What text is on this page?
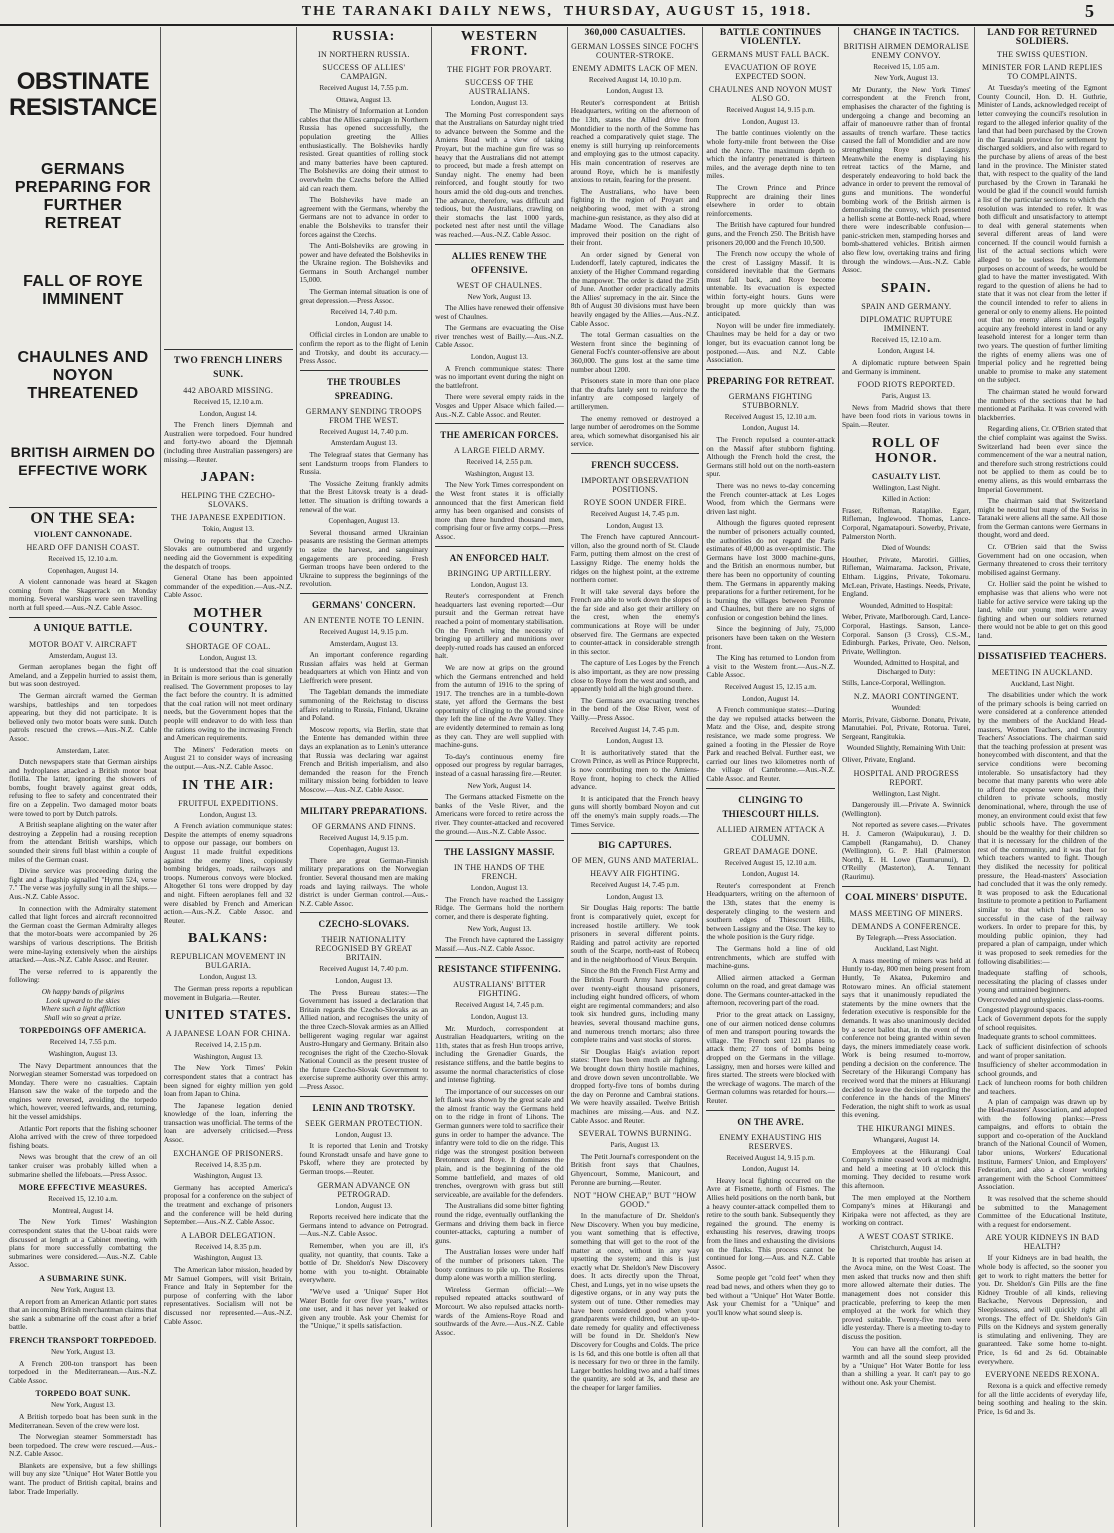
THE TARANAKI DAILY NEWS,
THURSDAY, AUGUST 15, 1918.	5
OBSTINATE RESISTANCE
GERMANS PREPARING FOR FURTHER RETREAT
FALL OF ROYE IMMINENT
CHAULNES AND NOYON THREATENED
BRITISH AIRMEN DO EFFECTIVE WORK
ON THE SEA:
VIOLENT CANNONADE.
HEARD OFF DANISH COAST.
Received 15, 12.10 a.m.
Copenhagen, August 14.

A violent cannonade was heard at Skagen coming from the Skagerrack on Monday morning. Several warships were seen travelling north at full speed.—Aus.-N.Z. Cable Assoc.

A UNIQUE BATTLE.
MOTOR BOAT V. AIRCRAFT
Amsterdam, August 13.

German aeroplanes began the fight off Ameland, and a Zeppelin hurried to assist them, but was soon destroyed.

The German aircraft warned the German warships, battleships and ten torpedoes appearing, but they did not participate. It is believed only two motor boats were sunk. Dutch patrols rescued the crews.—Aus.-N.Z. Cable Assoc.

Amsterdam, Later.

Dutch newspapers state that German airships and hydroplanes attacked a British motor boat flotilla. The latter, ignoring the showers of bombs, fought bravely against great odds, refusing to flee to safety and concentrated their fire on a Zeppelin. Two damaged motor boats were towed to port by Dutch patrols.

A British seaplane alighting on the water after destroying a Zeppelin had a rousing reception from the attendant British warships, which sounded their sirens full blast within a couple of miles of the German coast.

Divine service was proceeding during the fight and a flagship signalled "Hymn 524, verse 7." The verse was joyfully sung in all the ships.—Aus.-N.Z. Cable Assoc.

In connection with the Admiralty statement called that light forces and aircraft reconnoitred the German coast the German Admiralty alleges that the motor-boats were accompanied by 26 warships of various descriptions. The British were mine-laying extensively when the airships attacked.—Aus.-N.Z. Cable Assoc. and Reuter.

The verse referred to is apparently the following:

Oh happy bands of pilgrims
Look upward to the skies
Where such a light affliction
Shall win so great a prize.
TORPEDOINGS OFF AMERICA.
Received 14, 7.55 p.m.
Washington, August 13.

The Navy Department announces that the Norwegian steamer Somerstad was torpedoed on Monday. There were no casualties. Captain Hanson saw the wake of the torpedo and the engines were reversed, avoiding the torpedo which, however, veered leftwards, and, returning, hit the vessel amidships.

Atlantic Port reports that the fishing schooner Aloha arrived with the crew of three torpedoed fishing boats.

News was brought that the crew of an oil tanker cruiser was probably killed when a submarine shelled the lifeboats.—Press Assoc.

MORE EFFECTIVE MEASURES.
Received 15, 12.10 a.m.
Montreal, August 14.

The New York Times' Washington correspondent states that the U-boat raids were discussed at length at a Cabinet meeting, with plans for more successfully combatting the submarines were considered.—Aus.-N.Z. Cable Assoc.

A SUBMARINE SUNK.
New York, August 13.

A report from an American Atlantic port states that an incoming British merchantman claims that she sank a submarine off the coast after a brief battle.

FRENCH TRANSPORT TORPEDOED.
New York, August 13.

A French 200-ton transport has been torpedoed in the Mediterranean.—Aus.-N.Z. Cable Assoc.

TORPEDO BOAT SUNK.
New York, August 13.

A British torpedo boat has been sunk in the Mediterranean. Seven of the crew were lost.

The Norwegian steamer Sommerstadt has been torpedoed. The crew were rescued.—Aus.-N.Z. Cable Assoc.

Blankets are expensive, but a few shillings will buy any size "Unique" Hot Water Bottle you want. The product of British capital, brains and labor. Trade Imperially.

TWO FRENCH LINERS SUNK.
442 ABOARD MISSING.
Received 15, 12.10 a.m.
London, August 14.

The French liners Djemnah and Australien were torpedoed. Four hundred and forty-two aboard the Djemnah (including three Australian passengers) are missing.—Reuter.

JAPAN:
HELPING THE CZECHO-SLOVAKS.
THE JAPANESE EXPEDITION.
Tokio, August 13.

Owing to reports that the Czecho-Slovaks are outnumbered and urgently needing aid the Government is expediting the despatch of troops.

General Otane has been appointed commander of the expedition.—Aus.-N.Z. Cable Assoc.

MOTHER COUNTRY.
SHORTAGE OF COAL.
London, August 13.

It is understood that the coal situation in Britain is more serious than is generally realised. The Government proposes to lay the fact before the country. It is admitted that the coal ration will not meet ordinary needs, but the Government hopes that the people will endeavor to do with less than the rations owing to the increasing French and American requirements.

The Miners' Federation meets on August 21 to consider ways of increasing the output.—Aus.-N.Z. Cable Assoc.

IN THE AIR:
FRUITFUL EXPEDITIONS.
London, August 13.

A French aviation communique states: Despite the attempts of enemy squadrons to oppose our passage, our bombers on August 11 made fruitful expeditions against the enemy lines, copiously bombing bridges, roads, railways and troops. Numerous convoys were blocked. Altogether 61 tons were dropped by day and night. Fifteen aeroplanes fell and 32 were disabled by French and American action.—Aus.-N.Z. Cable Assoc. and Reuter.

BALKANS:
REPUBLICAN MOVEMENT IN BULGARIA.
London, August 13.

The German press reports a republican movement in Bulgaria.—Reuter.

UNITED STATES.
A JAPANESE LOAN FOR CHINA.
Received 14, 2.15 p.m.
Washington, August 13.

The New York Times' Pekin correspondent states that a contract has been signed for eighty million yen gold loan from Japan to China.

The Japanese legation denied knowledge of the loan, inferring the transaction was unofficial. The terms of the loan are adversely criticised.—Press Assoc.

EXCHANGE OF PRISONERS.
Received 14, 8.35 p.m.
Washington, August 13.

Germany has accepted America's proposal for a conference on the subject of the treatment and exchange of prisoners and the conference will be held during September.—Aus.-N.Z. Cable Assoc.

A LABOR DELEGATION.
Received 14, 8.35 p.m.
Washington, August 13.

The American labor mission, headed by Mr Samuel Gompers, will visit Britain, France and Italy in September for the purpose of conferring with the labor representatives. Socialism will not be discussed nor represented.—Aus.-N.Z. Cable Assoc.

RUSSIA:
IN NORTHERN RUSSIA.
SUCCESS OF ALLIES' CAMPAIGN.
Received August 14, 7.55 p.m.
Ottawa, August 13.

The Ministry of Information at London cables that the Allies campaign in Northern Russia has opened successfully, the population greeting the Allies enthusiastically. The Bolsheviks hardly resisted. Great quantities of rolling stock and many batteries have been captured. The Bolsheviks are doing their utmost to overwhelm the Czechs before the Allied aid can reach them.

The Bolsheviks have made an agreement with the Germans, whereby the Germans are not to advance in order to enable the Bolsheviks to transfer their forces against the Czechs.

The Anti-Bolsheviks are growing in power and have defeated the Bolsheviks in the Ukraine region. The Bolsheviks and Germans in South Archangel number 15,000.

The German internal situation is one of great depression.—Press Assoc.

Received 14, 7.40 p.m.
London, August 14.

Official circles in London are unable to confirm the report as to the flight of Lenin and Trotsky, and doubt its accuracy.—Press Assoc.

THE TROUBLES SPREADING.
GERMANY SENDING TROOPS FROM THE WEST.
Received August 14, 7.40 p.m.
Amsterdam August 13.

The Telegraaf states that Germany has sent Landsturm troops from Flanders to Russia.

The Vossiche Zeitung frankly admits that the Brest Litovsk treaty is a dead-letter. The situation is drifting towards a renewal of the war.

Copenhagen, August 13.

Several thousand armed Ukrainian peasants are resisting the German attempts to seize the harvest, and sanguinary engagements are proceeding. Fresh German troops have been ordered to the Ukraine to suppress the beginnings of the revolution.

GERMANS' CONCERN.
AN ENTENTE NOTE TO LENIN.
Received August 14, 9.15 p.m.
Amsterdam, August 13.

An important conference regarding Russian affairs was held at German headquarters at which von Hintz and von Lieffrerich were present.

The Tageblatt demands the immediate summoning of the Reichstag to discuss affairs relating to Russia, Finland, Ukraine and Poland.

Moscow reports, via Berlin, state that the Entente has demanded within three days an explanation as to Lenin's utterance that Russia was declaring war against French and British imperialism, and also demanded the reason for the French military mission being forbidden to leave Moscow.—Aus.-N.Z. Cable Assoc.

MILITARY PREPARATIONS.
OF GERMANS AND FINNS.
Received August 14, 9.15 p.m.
Copenhagen, August 13.

There are great German-Finnish military preparations on the Norwegian frontier. Several thousand men are making roads and laying railways. The whole district is under German control.—Aus.-N.Z. Cable Assoc.

CZECHO-SLOVAKS.
THEIR NATIONALITY RECOGNISED BY GREAT BRITAIN.
Received August 14, 7.40 p.m.
London, August 13.

The Press Bureau states:—The Government has issued a declaration that Britain regards the Czecho-Slovaks as an Allied nation, and recognises the unity of the three Czech-Slovak armies as an Allied belligerent waging regular war against Austro-Hungary and Germany. Britain also recognises the right of the Czecho-Slovak National Council as the present trustee of the future Czecho-Slovak Government to exercise supreme authority over this army.—Press Assoc.

LENIN AND TROTSKY.
SEEK GERMAN PROTECTION.
London, August 13.

It is reported that Lenin and Trotsky found Kronstadt unsafe and have gone to Pskoff, where they are protected by German troops.—Reuter.

GERMAN ADVANCE ON PETROGRAD.
London, August 13.

Reports received here indicate that the Germans intend to advance on Petrograd.—Aus.-N.Z. Cable Assoc.

Remember, when you are ill, it's quality, not quantity, that counts. Take a bottle of Dr. Sheldon's New Discovery home with you to-night. Obtainable everywhere.

"We've used a 'Unique' Super Hot Water Bottle for over five years," writes one user, and it has never yet leaked or given any trouble. Ask your Chemist for the "Unique," it spells satisfaction.

WESTERN FRONT.
THE FIGHT FOR PROYART.
SUCCESS OF THE AUSTRALIANS.
London, August 13.

The Morning Post correspondent says that the Australians on Saturday night tried to advance between the Somme and the Amiens Road with a view of taking Proyart, but the machine gun fire was so heavy that the Australians did not attempt to proceed, but made a fresh attempt on Sunday night. The enemy had been reinforced, and fought stoutly for two hours amid the old dug-outs and trenches. The advance, therefore, was difficult and tedious, but the Australians, crawling on their stomachs the last 1000 yards, pocketed nest after nest until the village was reached.—Aus.-N.Z. Cable Assoc.

ALLIES RENEW THE OFFENSIVE.
WEST OF CHAULNES.
New York, August 13.

The Allies have renewed their offensive west of Chaulnes.

The Germans are evacuating the Oise river trenches west of Bailly.—Aus.-N.Z. Cable Assoc.

London, August 13.

A French communique states: There was no important event during the night on the battlefront.

There were several empty raids in the Vosges and Upper Alsace which failed.—Aus.-N.Z. Cable Assoc. and Reuter.

THE AMERICAN FORCES.
A LARGE FIELD ARMY.
Received 14, 2.55 p.m.
Washington, August 13.

The New York Times correspondent on the West front states it is officially announced that the first American field army has been organised and consists of more than three hundred thousand men, comprising four or five army corps.—Press Assoc.

AN ENFORCED HALT.
BRINGING UP ARTILLERY.
London, August 13.

Reuter's correspondent at French headquarters last evening reported:—Our pursuit and the German retreat have reached a point of momentary stabilisation. On the French wing the necessity of bringing up artillery and munitions over deeply-rutted roads has caused an enforced halt.

We are now at grips on the ground which the Germans entrenched and held from the autumn of 1916 to the spring of 1917. The trenches are in a tumble-down state, yet afford the Germans the best opportunity of clinging to the ground since they left the line of the Avre Valley. They are evidently determined to remain as long as they can. They are well supplied with machine-guns.

To-day's continuous enemy fire opposed our progress by regular barrages, instead of a casual harassing fire.—Reuter.

New York, August 14.

The Germans attacked Fismette on the banks of the Vesle River, and the Americans were forced to retire across the river. They counter-attacked and recovered the ground.—Aus.-N.Z. Cable Assoc.

THE LASSIGNY MASSIF.
IN THE HANDS OF THE FRENCH.
London, August 13.

The French have reached the Lassigny Ridge. The Germans hold the northern corner, and there is desperate fighting.

New York, August 13.

The French have captured the Lassigny Massif.—Aus.-N.Z. Cable Assoc.

RESISTANCE STIFFENING.
AUSTRALIANS' BITTER FIGHTING.
Received August 14, 7.45 p.m.
London, August 13.

Mr. Murdoch, correspondent at Australian Headquarters, writing on the 11th, states that as fresh Hun troops arrive, including the Grenadier Guards, the resistance stiffens, and the battle begins to assume the normal characteristics of close and intense fighting.

The importance of our successes on our left flank was shown by the great scale and the almost frantic way the Germans held on to the ridge in front of Lihons. The German gunners were told to sacrifice their guns in order to hamper the advance. The infantry were told to die on the ridge. This ridge was the strongest position between Bretonneux and Roye. It dominates the plain, and is the beginning of the old Somme battlefield, and mazes of old trenches, overgrown with grass but still serviceable, are available for the defenders.

The Australians did some bitter fighting round the ridge, eventually outflanking the Germans and driving them back in fierce counter-attacks, capturing a number of guns.

The Australian losses were under half of the number of prisoners taken. The booty continues to pile up. The Rosieres dump alone was worth a million sterling.

Wireless German official:—We repulsed repeated attacks southward of Morcourt. We also repulsed attacks north-wards of the Amiens-Roye Road and southwards of the Avre.—Aus.-N.Z. Cable Assoc.

360,000 CASUALTIES.
GERMAN LOSSES SINCE FOCH'S COUNTER-STROKE.
ENEMY ADMITS LACK OF MEN.
Received August 14, 10.10 p.m.
London, August 13.

Reuter's correspondent at British Headquarters, writing on the afternoon of the 13th, states the Allied drive from Montdidier to the north of the Somme has reached a comparatively quiet stage. The enemy is still hurrying up reinforcements and employing gas to the utmost capacity. His main concentration of reserves are around Roye, which he is manifestly anxious to retain, fearing for the present.

The Australians, who have been fighting in the region of Proyart and neighboring wood, met with a strong machine-gun resistance, as they also did at Madame Wood. The Canadians also improved their position on the right of their front.

An order signed by General von Ludendorff, lately captured, indicates the anxiety of the Higher Command regarding the manpower. The order is dated the 25th of June. Another order practically admits the Allies' supremacy in the air. Since the 8th of August 30 divisions must have been heavily engaged by the Allies.—Aus.-N.Z. Cable Assoc.

The total German casualties on the Western front since the beginning of General Foch's counter-offensive are about 360,000. The guns lost at the same time number about 1200.

Prisoners state in more than one place that the drafts lately sent to reinforce the infantry are composed largely of artillerymen.

The enemy removed or destroyed a large number of aerodromes on the Somme area, which somewhat disorganised his air service.

FRENCH SUCCESS.
IMPORTANT OBSERVATION POSITIONS.
ROYE SOON UNDER FIRE.
Received August 14, 7.45 p.m.
London, August 13.

The French have captured Anncourt-villon, also the ground north of St. Claude Farm, putting them almost on the crest of Lassigny Ridge. The enemy holds the ridges on the highest point, at the extreme northern corner.

It will take several days before the French are able to work down the slopes of the far side and also get their artillery on the crest, when the enemy's communications at Roye will be under observed fire. The Germans are expected to counter-attack in considerable strength in this sector.

The capture of Les Loges by the French is also important, as they are now pressing close to Roye from the west and south, and apparently hold all the high ground there.

The Germans are evacuating trenches in the bend of the Oise River, west of Vailly.—Press Assoc.

Received August 14, 7.45 p.m.
London, August 13.

It is authoritatively stated that the Crown Prince, as well as Prince Rupprecht, is now contributing men to the Amiens-Roye front, hoping to check the Allied advance.

It is anticipated that the French heavy guns will shortly bombard Noyon and cut off the enemy's main supply roads.—The Times Service.

BIG CAPTURES.
OF MEN, GUNS AND MATERIAL.
HEAVY AIR FIGHTING.
Received August 14, 7.45 p.m.
London, August 13.

Sir Douglas Haig reports: The battle front is comparatively quiet, except for increased hostile artillery. We took prisoners in several different points. Raiding and patrol activity are reported south of the Scarpe, north-east of Robecq and in the neighborhood of Vieux Berquin.

Since the 8th the French First Army and the British Fourth Army have captured over twenty-eight thousand prisoners, including eight hundred officers, of whom eight are regimental commanders; and also took six hundred guns, including many heavies, several thousand machine guns, and numerous trench mortars; also three complete trains and vast stocks of stores.

Sir Douglas Haig's aviation report states: There has been much air fighting. We brought down thirty hostile machines, and drove down seven uncontrollable. We dropped forty-five tons of bombs during the day on Peronne and Cambrai stations. We were heavily assailed. Twelve British machines are missing.—Aus. and N.Z. Cable Assoc. and Reuter.

SEVERAL TOWNS BURNING.
Paris, August 13.

The Petit Journal's correspondent on the British front says that Chaulnes, Ghyencourt, Somme, Manicourt, and Peronne are burning.—Reuter.

NOT "HOW CHEAP," BUT "HOW GOOD."

In the manufacture of Dr. Sheldon's New Discovery. When you buy medicine, you want something that is effective, something that will get to the root of the matter at once, without in any way upsetting the system; and this is just exactly what Dr. Sheldon's New Discovery does. It acts directly upon the Throat, Chest, and Lungs, yet in no wise upsets the digestive organs, or in any way puts the system out of tune. Other remedies may have been considered good when your grandparents were children, but an up-to-date remedy for quality and effectiveness will be found in Dr. Sheldon's New Discovery for Coughs and Colds. The price is 1s 6d, and this one bottle is often all that is necessary for two or three in the family. Larger bottles holding two and a half times the quantity, are sold at 3s, and these are the cheaper for larger families.

BATTLE CONTINUES VIOLENTLY.
GERMANS MUST FALL BACK.
EVACUATION OF ROYE EXPECTED SOON.
CHAULNES AND NOYON MUST ALSO GO.
Received August 14, 9.15 p.m.
London, August 13.

The battle continues violently on the whole forty-mile front between the Oise and the Ancre. The maximum depth to which the infantry penetrated is thirteen miles, and the average depth nine to ten miles.

The Crown Prince and Prince Rupprecht are draining their lines elsewhere in order to obtain reinforcements.

The British have captured four hundred guns, and the French 250. The British have prisoners 20,000 and the French 10,500.

The French now occupy the whole of the crest of Lassigny Massif. It is considered inevitable that the Germans must fall back, and Roye become untenable. Its evacuation is expected within forty-eight hours. Guns were brought up more quickly than was anticipated.

Noyon will be under fire immediately. Chaulnes may be held for a day or two longer, but its evacuation cannot long be postponed.—Aus. and N.Z. Cable Association.

PREPARING FOR RETREAT.
GERMANS FIGHTING STUBBORNLY.
Received August 15, 12.10 a.m.
London, August 14.

The French repulsed a counter-attack on the Massif after stubborn fighting. Although the French hold the crest, the Germans still hold out on the north-eastern spur.

There was no news to-day concerning the French counter-attack at Les Loges Wood, from which the Germans were driven last night.

Although the figures quoted represent the number of prisoners actually counted, the authorities do not regard the Paris estimates of 40,000 as over-optimistic. The Germans have lost 3000 machine-guns, and the British an enormous number, but there has been no opportunity of counting them. The Germans in apparently making preparations for a further retirement, for he is burning the villages between Peronne and Chaulnes, but there are no signs of confusion or congestion behind the lines.

Since the beginning of July, 75,000 prisoners have been taken on the Western front.

The King has returned to London from a visit to the Western front.—Aus.-N.Z. Cable Assoc.

Received August 15, 12.15 a.m.
London, August 14.

A French communique states:—During the day we repulsed attacks between the Matz and the Oise, and, despite strong resistance, we made some progress. We gained a footing in the Plessier de Roye Park and reached Belval. Further east, we carried our lines two kilometres north of the village of Cambronne.—Aus.-N.Z. Cable Assoc. and Reuter.

CLINGING TO THIESCOURT HILLS.
ALLIED AIRMEN ATTACK A COLUMN.
GREAT DAMAGE DONE.
Received August 15, 12.10 a.m.
London, August 14.

Reuter's correspondent at French Headquarters, writing on the afternoon of the 13th, states that the enemy is desperately clinging to the western and southern edges of Thiescourt Hills, between Lassigny and the Oise. The key to the whole position is the Gury ridge.

The Germans hold a line of old entrenchments, which are stuffed with machine-guns.

Allied airmen attacked a German column on the road, and great damage was done. The Germans counter-attacked in the afternoon, recovering part of the road.

Prior to the great attack on Lassigny, one of our airmen noticed dense columns of men and transport pouring towards the village. The French sent 121 planes to attack them; 27 tons of bombs being dropped on the Germans in the village. Lassigny, men and horses were killed and fires started. The streets were blocked with the wreckage of wagons. The march of the German columns was retarded for hours.—Reuter.

ON THE AVRE.
ENEMY EXHAUSTING HIS RESERVES.
Received August 14, 9.15 p.m.
London, August 14.

Heavy local fighting occurred on the Avre at Fismette, north of Fismes. The Allies held positions on the north bank, but a heavy counter-attack compelled them to retire to the south bank. Subsequently they regained the ground. The enemy is exhausting his reserves, drawing troops from the lines and exhausting the divisions on the flanks. This process cannot be continued for long.—Aus. and N.Z. Cable Assoc.

Some people get "cold feet" when they read bad news, and others when they go to bed without a "Unique" Hot Water Bottle. Ask your Chemist for a "Unique" and you'll know what sound sleep is.

CHANGE IN TACTICS.
BRITISH AIRMEN DEMORALISE ENEMY CONVOY.
Received 15, 1.05 a.m.
New York, August 13.

Mr Duranty, the New York Times' correspondent at the French front, emphasises the character of the fighting is undergoing a change and becoming an affair of manoeuvre rather than of frontal assaults of trench warfare. These tactics caused the fall of Montdidier and are now strengthening Roye and Lassigny. Meanwhile the enemy is displaying his retreat tactics of the Marne, and desperately endeavoring to hold back the advance in order to prevent the removal of guns and munitions. The wonderful bombing work of the British airmen is demoralising the convoy, which presented a hellish scene at Bottle-neck Road, where there were indescribable confusion—panic-stricken men, stampeding horses and bomb-shattered vehicles. British airmen also flew low, overtaking trains and firing through the windows.—Aus.-N.Z. Cable Assoc.

SPAIN.
SPAIN AND GERMANY.
DIPLOMATIC RUPTURE IMMINENT.
Received 15, 12.10 a.m.
London, August 14.

A diplomatic rupture between Spain and Germany is imminent.

FOOD RIOTS REPORTED.
Paris, August 13.

News from Madrid shows that there have been food riots in various towns in Spain.—Reuter.

ROLL OF HONOR.
CASUALTY LIST.
Wellington, Last Night.
Killed in Action:

Fraser, Rifleman, Rataplike. Egarr, Rifleman, Inglewood. Thomas, Lance-Corporal, Ngamatapouri. Sowerby, Private, Palmerston North.

Died of Wounds:

Houther, Private, Marotiri. Gillies, Rifleman, Waimarama. Jackson, Private, Eltham. Liggins, Private, Tokomaru. McLean, Private, Hastings. Needs, Private, England.

Wounded, Admitted to Hospital:

Weber, Private, Marlborough. Card, Lance-Corporal, Hastings. Sanson, Lance-Corporal. Sanson (3 Cross), C.S.-M., Edinburgh. Parkes, Private, Oeo. Nelson, Private, Wellington.

Wounded, Admitted to Hospital, and Discharged to Duty:

Stills, Lance-Corporal, Wellington.

N.Z. MAORI CONTINGENT.
Wounded:

Morris, Private, Gisborne. Donatu, Private, Manutahiei. Pol, Private, Rotorua. Turei, Sergeant, Rangitukia.

Wounded Slightly, Remaining With Unit:

Oliver, Private, England.

HOSPITAL AND PROGRESS REPORT.
Wellington, Last Night.

Dangerously ill.—Private A. Swinnick (Wellington).

Not reported as severe cases.—Privates H. J. Cameron (Waipukurau), J. D. Campbell (Rangamahu), D. Chaney (Wellington), G. P. Hall (Palmerston North), E. H. Lowe (Taumarunui), D. O'Reilly (Masterton), A. Tennant (Raurimu).

COAL MINERS' DISPUTE.
MASS MEETING OF MINERS.
DEMANDS A CONFERENCE.
By Telegraph.—Press Association.
Auckland, Last Night.

A mass meeting of miners was held at Huntly to-day, 800 men being present from Huntly, Te Akatea, Pukemiro and Rotowaro mines. An official statement says that it unanimously repudiated the statements by the mine owners that the federation executive is responsible for the demands. It was also unanimously decided by a secret ballot that, in the event of the conference not being granted within seven days, the miners immediately cease work. Work is being resumed to-morrow, pending a decision on the conference. The Secretary of the Hikurangi Company has received word that the miners at Hikurangi decided to leave the decision regarding the conference in the hands of the Miners' Federation, the night shift to work as usual this evening.

THE HIKURANGI MINES.
Whangarei, August 14.

Employees at the Hikurangi Coal Company's mine ceased work at midnight, and held a meeting at 10 o'clock this morning. They decided to resume work this afternoon.

The men employed at the Northern Company's mines at Hikurangi and Kiripaka were not affected, as they are working on contract.

A WEST COAST STRIKE.
Christchurch, August 14.

It is reported that trouble has arisen at the Avoca mine, on the West Coast. The men asked that trucks now and then shift more allowed alternate their duties. The management does not consider this practicable, preferring to keep the men employed at the work for which they proved suitable. Twenty-five men were idle yesterday. There is a meeting to-day to discuss the position.

You can have all the comfort, all the warmth and all the sound sleep provided by a "Unique" Hot Water Bottle for less than a shilling a year. It can't pay to go without one. Ask your Chemist.

LAND FOR RETURNED SOLDIERS.
THE SWISS QUESTION.
MINISTER FOR LAND REPLIES TO COMPLAINTS.

At Tuesday's meeting of the Egmont County Council, Hon. D. H. Guthrie, Minister of Lands, acknowledged receipt of letter conveying the council's resolution in regard to the alleged inferior quality of the land that had been purchased by the Crown in the Taranaki province for settlement by discharged soldiers, and also with regard to the purchase by aliens of areas of the best land in the province. The Minister stated that, with respect to the quality of the land purchased by the Crown in Taranaki he would be glad if the council would furnish a list of the particular sections to which the resolution was intended to refer. It was both difficult and unsatisfactory to attempt to deal with general statements when several different areas of land were concerned. If the council would furnish a list of the actual sections which were alleged to be useless for settlement purposes on account of weeds, he would be glad to have the matter investigated. With regard to the question of aliens he had to state that it was not clear from the letter if the council intended to refer to aliens in general or only to enemy aliens. He pointed out that no enemy aliens could legally acquire any freehold interest in land or any leasehold interest for a longer term than two years. The question of further limiting the rights of enemy aliens was one of Imperial policy and he regretted being unable to promise to make any statement on the subject.

The chairman stated he would forward the numbers of the sections that he had mentioned at Parihaka. It was covered with blackberries.

Regarding aliens, Cr. O'Brien stated that the chief complaint was against the Swiss. Switzerland had been ever since the commencement of the war a neutral nation, and therefore such strong restrictions could not be applied to them as could be to enemy aliens, as this would embarrass the Imperial Government.

The chairman said that Switzerland might be neutral but many of the Swiss in Taranaki were aliens all the same. All those from the German cantons were Germans in thought, word and deed.

Cr. O'Brien said that the Swiss Government had on one occasion, when Germany threatened to cross their territory mobilised against Germany.

Cr. Hollier said the point he wished to emphasise was that aliens who were not liable for active service were taking up the land, while our young men were away fighting and when our soldiers returned there would not be able to get on this good land.

DISSATISFIED TEACHERS.
MEETING IN AUCKLAND.
Auckland, Last Night.

The disabilities under which the work of the primary schools is being carried on were considered at a conference attended by the members of the Auckland Head-masters, Women Teachers, and Country Teachers' Associations. The chairman said that the teaching profession at present was honeycombed with discontent, and that the service conditions were becoming intolerable. So unsatisfactory had they become that many parents who were able to afford the expense were sending their children to private schools, mostly denominational, where, through the use of money, an environment could exist that few public schools have. The government should be the wealthy for their children so that it is necessary for the children of the rest of the community, and it was that for which teachers wanted to fight. Though they disliked the necessity for political pressure, the Head-masters' Association had concluded that it was the only remedy. It was proposed to ask the Educational Institute to promote a petition to Parliament similar to that which had been so successful in the case of the railway workers. In order to prepare for this, by moulding public opinion, they had prepared a plan of campaign, under which it was proposed to seek remedies for the following disabilities:—

Inadequate staffing of schools, necessitating the placing of classes under young and untrained beginners.

Overcrowded and unhygienic class-rooms.

Congested playground spaces.

Lack of Government depots for the supply of school requisites.

Inadequate grants to school committees.

Lack of sufficient disinfection of schools and want of proper sanitation.

Insufficiency of shelter accommodation in school grounds, and

Lack of luncheon rooms for both children and teachers.

A plan of campaign was drawn up by the Head-masters' Association, and adopted with the following planks:—Press campaigns, and efforts to obtain the support and co-operation of the Auckland branch of the National Council of Women, labor unions, Workers' Educational Institute, Farmers' Union, and Employers' Federation, and also a closer working arrangement with the School Committees' Association.

It was resolved that the scheme should be submitted to the Management Committee of the Educational Institute, with a request for endorsement.

ARE YOUR KIDNEYS IN BAD HEALTH?

If your Kidneys are in bad health, the whole body is affected, so the sooner you get to work to right matters the better for you. Dr. Sheldon's Gin Pills are the fine Kidney Trouble of all kinds, relieving Backache, Nervous Depression, and Sleeplessness, and will quickly right all wrongs. The effect of Dr. Sheldon's Gin Pills on the Kidneys and system generally is stimulating and enlivening. They are guaranteed. Take some home to-night. Price, 1s 6d and 2s 6d. Obtainable everywhere.

EVERYONE NEEDS REXONA.

Rexona is a quick and effective remedy for all the little accidents of everyday life, being soothing and healing to the skin. Price, 1s 6d and 3s.
